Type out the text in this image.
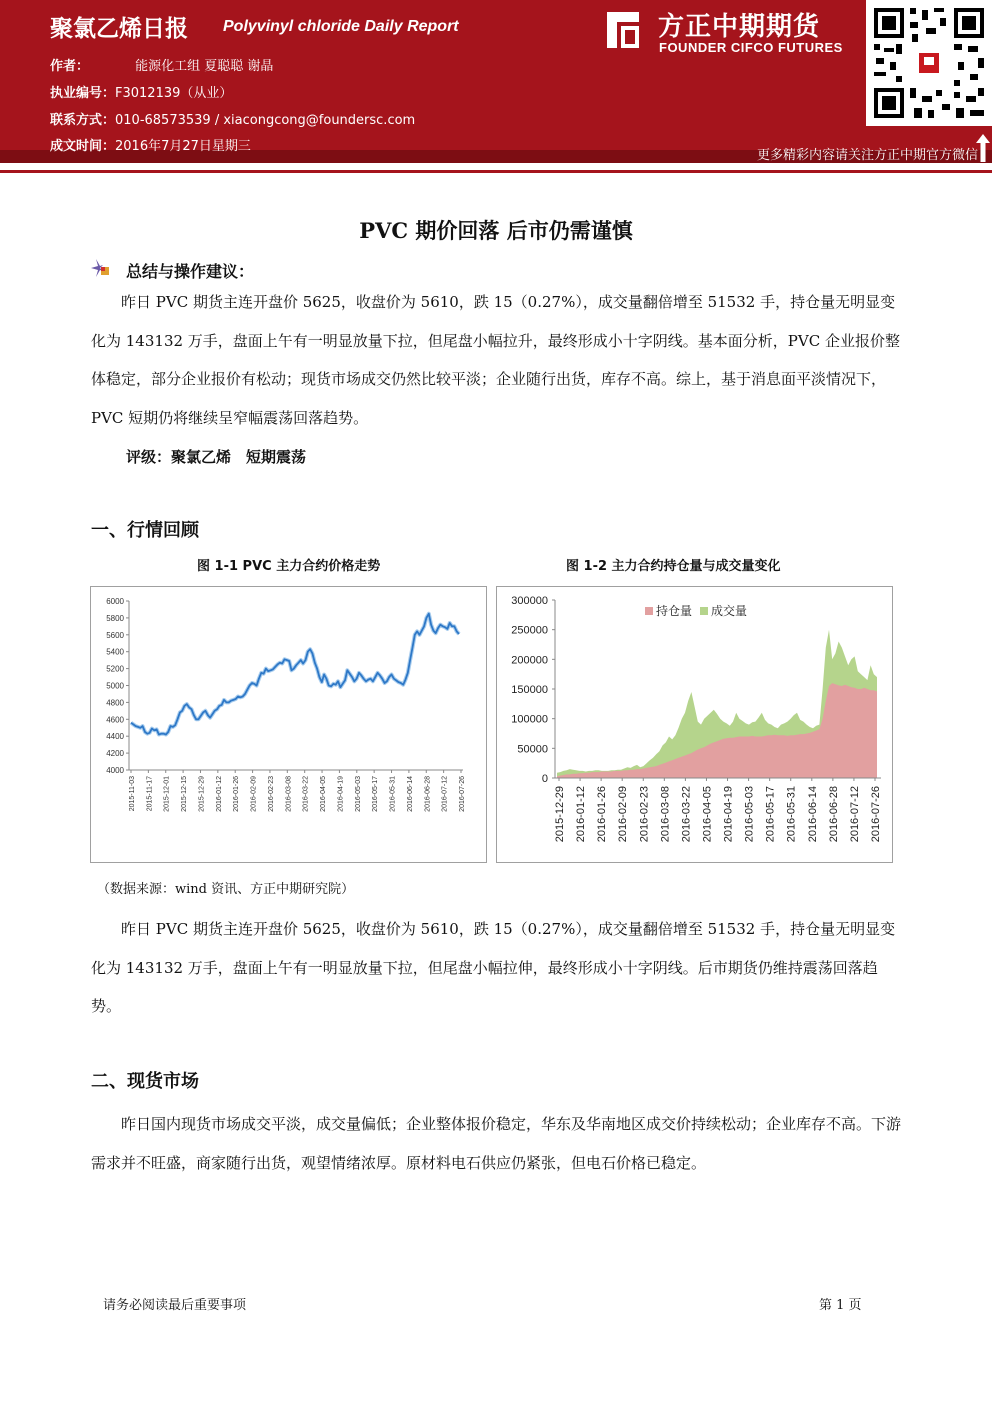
聚氯乙烯日报 Polyvinyl chloride Daily Report
作者：	能源化工组 夏聪聪 谢晶
执业编号：F3012139（从业）
联系方式：010-68573539 / xiacongcong@foundersc.com
成文时间：2016年7月27日星期三
方正中期期货
FOUNDER CIFCO FUTURES
更多精彩内容请关注方正中期官方微信
PVC 期价回落 后市仍需谨慎
总结与操作建议：
昨日 PVC 期货主连开盘价 5625，收盘价为 5610，跌 15（0.27%），成交量翻倍增至 51532 手，持仓量无明显变化为 143132 万手，盘面上午有一明显放量下拉，但尾盘小幅拉升，最终形成小十字阴线。基本面分析，PVC 企业报价整体稳定，部分企业报价有松动；现货市场成交仍然比较平淡；企业随行出货，库存不高。综上，基于消息面平淡情况下，PVC 短期仍将继续呈窄幅震荡回落趋势。
评级：聚氯乙烯　短期震荡
一、行情回顾
图 1-1 PVC 主力合约价格走势	图 1-2 主力合约持仓量与成交量变化
4000
4200
4400
4600
4800
5000
5200
5400
5600
5800
6000
2015-11-03 2015-11-17 2015-12-01 2015-12-15 2015-12-29 2016-01-12 2016-01-26 2016-02-09 2016-02-23 2016-03-08 2016-03-22 2016-04-05 2016-04-19 2016-05-03 2016-05-17 2016-05-31 2016-06-14 2016-06-28 2016-07-12 2016-07-26	0
50000
100000
150000
200000
250000
300000
2015-12-29 2016-01-12 2016-01-26 2016-02-09 2016-02-23 2016-03-08 2016-03-22 2016-04-05 2016-04-19 2016-05-03 2016-05-17 2016-05-31 2016-06-14 2016-06-28 2016-07-12 2016-07-26
持仓量 成交量
（数据来源：wind 资讯、方正中期研究院）
昨日 PVC 期货主连开盘价 5625，收盘价为 5610，跌 15（0.27%），成交量翻倍增至 51532 手，持仓量无明显变化为 143132 万手，盘面上午有一明显放量下拉，但尾盘小幅拉伸，最终形成小十字阴线。后市期货仍维持震荡回落趋势。
二、现货市场
昨日国内现货市场成交平淡，成交量偏低；企业整体报价稳定，华东及华南地区成交价持续松动；企业库存不高。下游需求并不旺盛，商家随行出货，观望情绪浓厚。原材料电石供应仍紧张，但电石价格已稳定。
请务必阅读最后重要事项	第 1 页
